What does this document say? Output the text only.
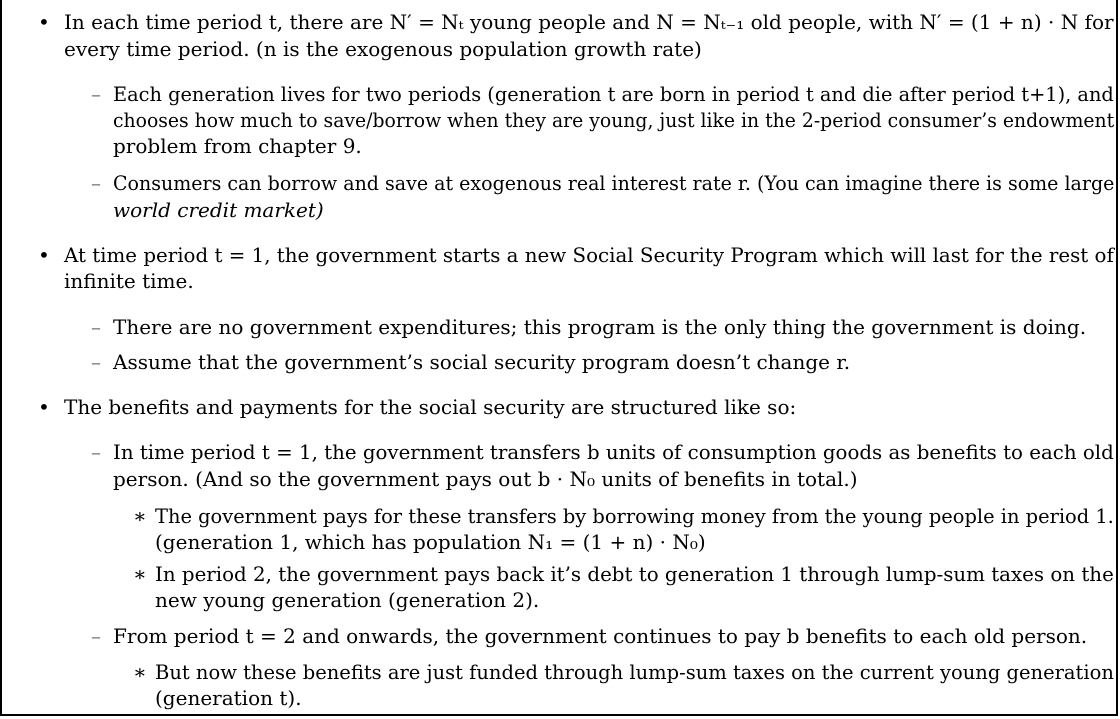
• In each time period t, there are N′ = Nₜ young people and N = Nₜ₋₁ old people, with N′ = (1 + n) · N for
every time period. (n is the exogenous population growth rate)
– Each generation lives for two periods (generation t are born in period t and die after period t+1), and
chooses how much to save/borrow when they are young, just like in the 2-period consumer’s endowment
problem from chapter 9.
– Consumers can borrow and save at exogenous real interest rate r. (You can imagine there is some large
world credit market)
• At time period t = 1, the government starts a new Social Security Program which will last for the rest of
infinite time.
– There are no government expenditures; this program is the only thing the government is doing.
– Assume that the government’s social security program doesn’t change r.
• The benefits and payments for the social security are structured like so:
– In time period t = 1, the government transfers b units of consumption goods as benefits to each old
person. (And so the government pays out b · N₀ units of benefits in total.)
∗ The government pays for these transfers by borrowing money from the young people in period 1.
(generation 1, which has population N₁ = (1 + n) · N₀)
∗ In period 2, the government pays back it’s debt to generation 1 through lump-sum taxes on the
new young generation (generation 2).
– From period t = 2 and onwards, the government continues to pay b benefits to each old person.
∗ But now these benefits are just funded through lump-sum taxes on the current young generation
(generation t).
